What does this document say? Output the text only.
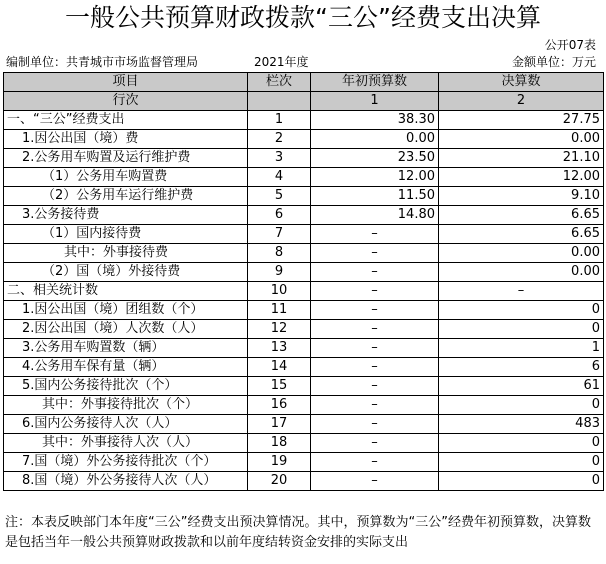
一般公共预算财政拨款“三公”经费支出决算
公开07表
编制单位：共青城市市场监督管理局	2021年度	金额单位：万元
项目	栏次	年初预算数	决算数
行次		1	2
一、“三公”经费支出	1	38.30	27.75
1.因公出国（境）费	2	0.00	0.00
2.公务用车购置及运行维护费	3	23.50	21.10
（1）公务用车购置费	4	12.00	12.00
（2）公务用车运行维护费	5	11.50	9.10
3.公务接待费	6	14.80	6.65
（1）国内接待费	7	–	6.65
其中：外事接待费	8	–	0.00
（2）国（境）外接待费	9	–	0.00
二、相关统计数	10	–	–
1.因公出国（境）团组数（个）	11	–	0
2.因公出国（境）人次数（人）	12	–	0
3.公务用车购置数（辆）	13	–	1
4.公务用车保有量（辆）	14	–	6
5.国内公务接待批次（个）	15	–	61
其中：外事接待批次（个）	16	–	0
6.国内公务接待人次（人）	17	–	483
其中：外事接待人次（人）	18	–	0
7.国（境）外公务接待批次（个）	19	–	0
8.国（境）外公务接待人次（人）	20	–	0
注：本表反映部门本年度“三公”经费支出预决算情况。其中，预算数为“三公”经费年初预算数，决算数是包括当年一般公共预算财政拨款和以前年度结转资金安排的实际支出
